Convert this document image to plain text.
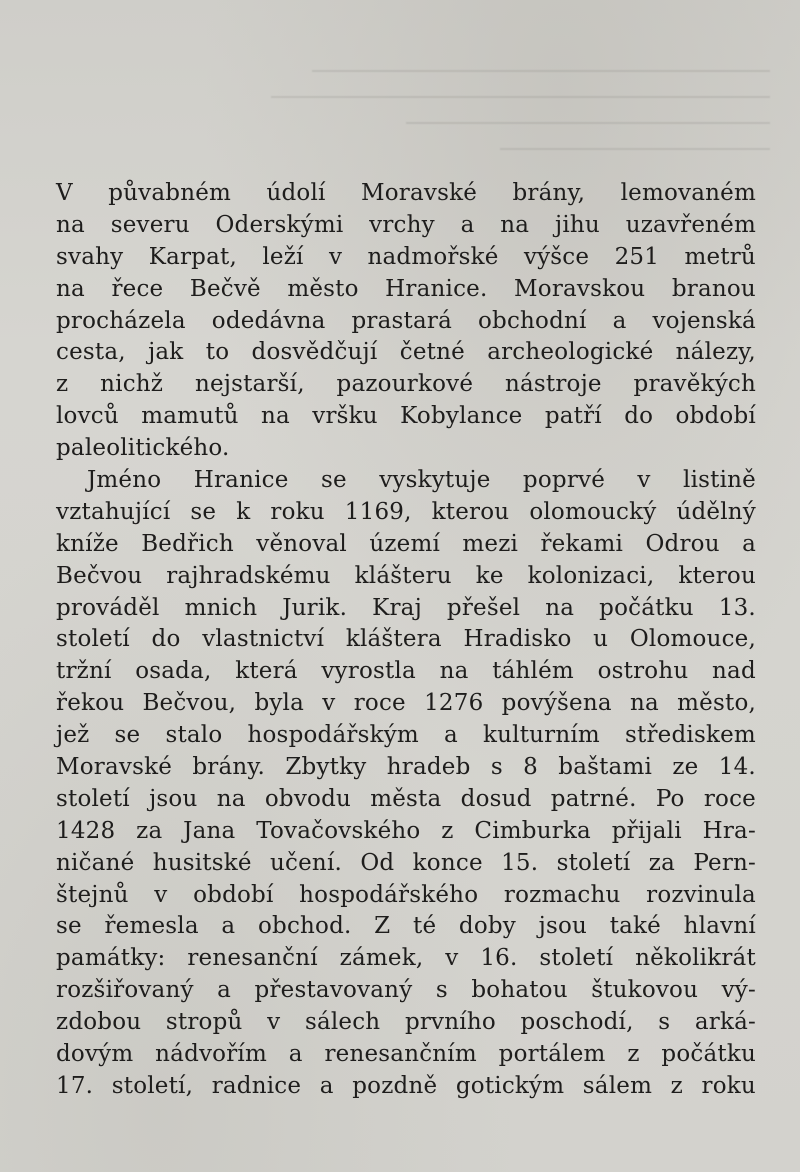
V půvabném údolí Moravské brány, lemovaném
na severu Oderskými vrchy a na jihu uzavřeném
svahy Karpat, leží v nadmořské výšce 251 metrů
na řece Bečvě město Hranice. Moravskou branou
procházela odedávna prastará obchodní a vojenská
cesta, jak to dosvědčují četné archeologické nálezy,
z nichž nejstarší, pazourkové nástroje pravěkých
lovců mamutů na vršku Kobylance patří do období
paleolitického.
Jméno Hranice se vyskytuje poprvé v listině
vztahující se k roku 1169, kterou olomoucký údělný
kníže Bedřich věnoval území mezi řekami Odrou a
Bečvou rajhradskému klášteru ke kolonizaci, kterou
prováděl mnich Jurik. Kraj přešel na počátku 13.
století do vlastnictví kláštera Hradisko u Olomouce,
tržní osada, která vyrostla na táhlém ostrohu nad
řekou Bečvou, byla v roce 1276 povýšena na město,
jež se stalo hospodářským a kulturním střediskem
Moravské brány. Zbytky hradeb s 8 baštami ze 14.
století jsou na obvodu města dosud patrné. Po roce
1428 za Jana Tovačovského z Cimburka přijali Hra-
ničané husitské učení. Od konce 15. století za Pern-
štejnů v období hospodářského rozmachu rozvinula
se řemesla a obchod. Z té doby jsou také hlavní
památky: renesanční zámek, v 16. století několikrát
rozšiřovaný a přestavovaný s bohatou štukovou vý-
zdobou stropů v sálech prvního poschodí, s arká-
dovým nádvořím a renesančním portálem z počátku
17. století, radnice a pozdně gotickým sálem z roku
